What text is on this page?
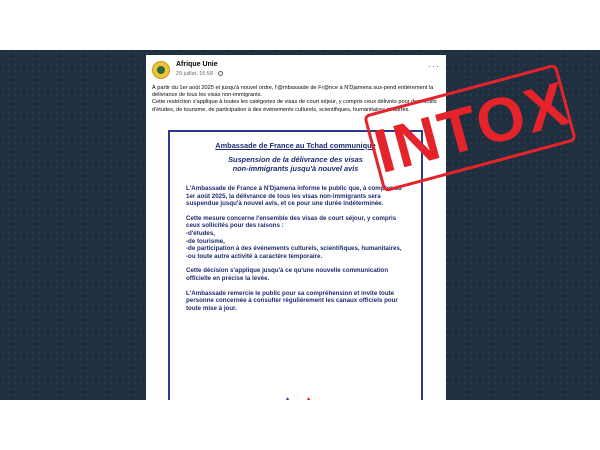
Afrique Unie
29 juillet, 16:58 ·
···

À partir du 1er août 2025 et jusqu'à nouvel ordre, l'@mbassade de Fr@nce à N'Djamena sus-pend entièrement la délivrance de tous les visas non-immigrants.

Cette restriction s'applique à toutes les catégories de visas de court séjour, y compris ceux délivrés pour des motifs d'études, de tourisme, de participation à des événements culturels, scientifiques, humanitaires et autres.

Ambassade de France au Tchad communique
Suspension de la délivrance des visas
non-immigrants jusqu'à nouvel avis

L'Ambassade de France à N'Djamena informe le public que, à compter du 1er août 2025, la délivrance de tous les visas non-immigrants sera suspendue jusqu'à nouvel avis, et ce pour une durée indéterminée.

Cette mesure concerne l'ensemble des visas de court séjour, y compris ceux sollicités pour des raisons :
-d'études,
-de tourisme,
-de participation à des événements culturels, scientifiques, humanitaires,
-ou toute autre activité à caractère temporaire.

Cette décision s'applique jusqu'à ce qu'une nouvelle communication officielle en précise la levée.

L'Ambassade remercie le public pour sa compréhension et invite toute personne concernée à consulter régulièrement les canaux officiels pour toute mise à jour.

INTOX
